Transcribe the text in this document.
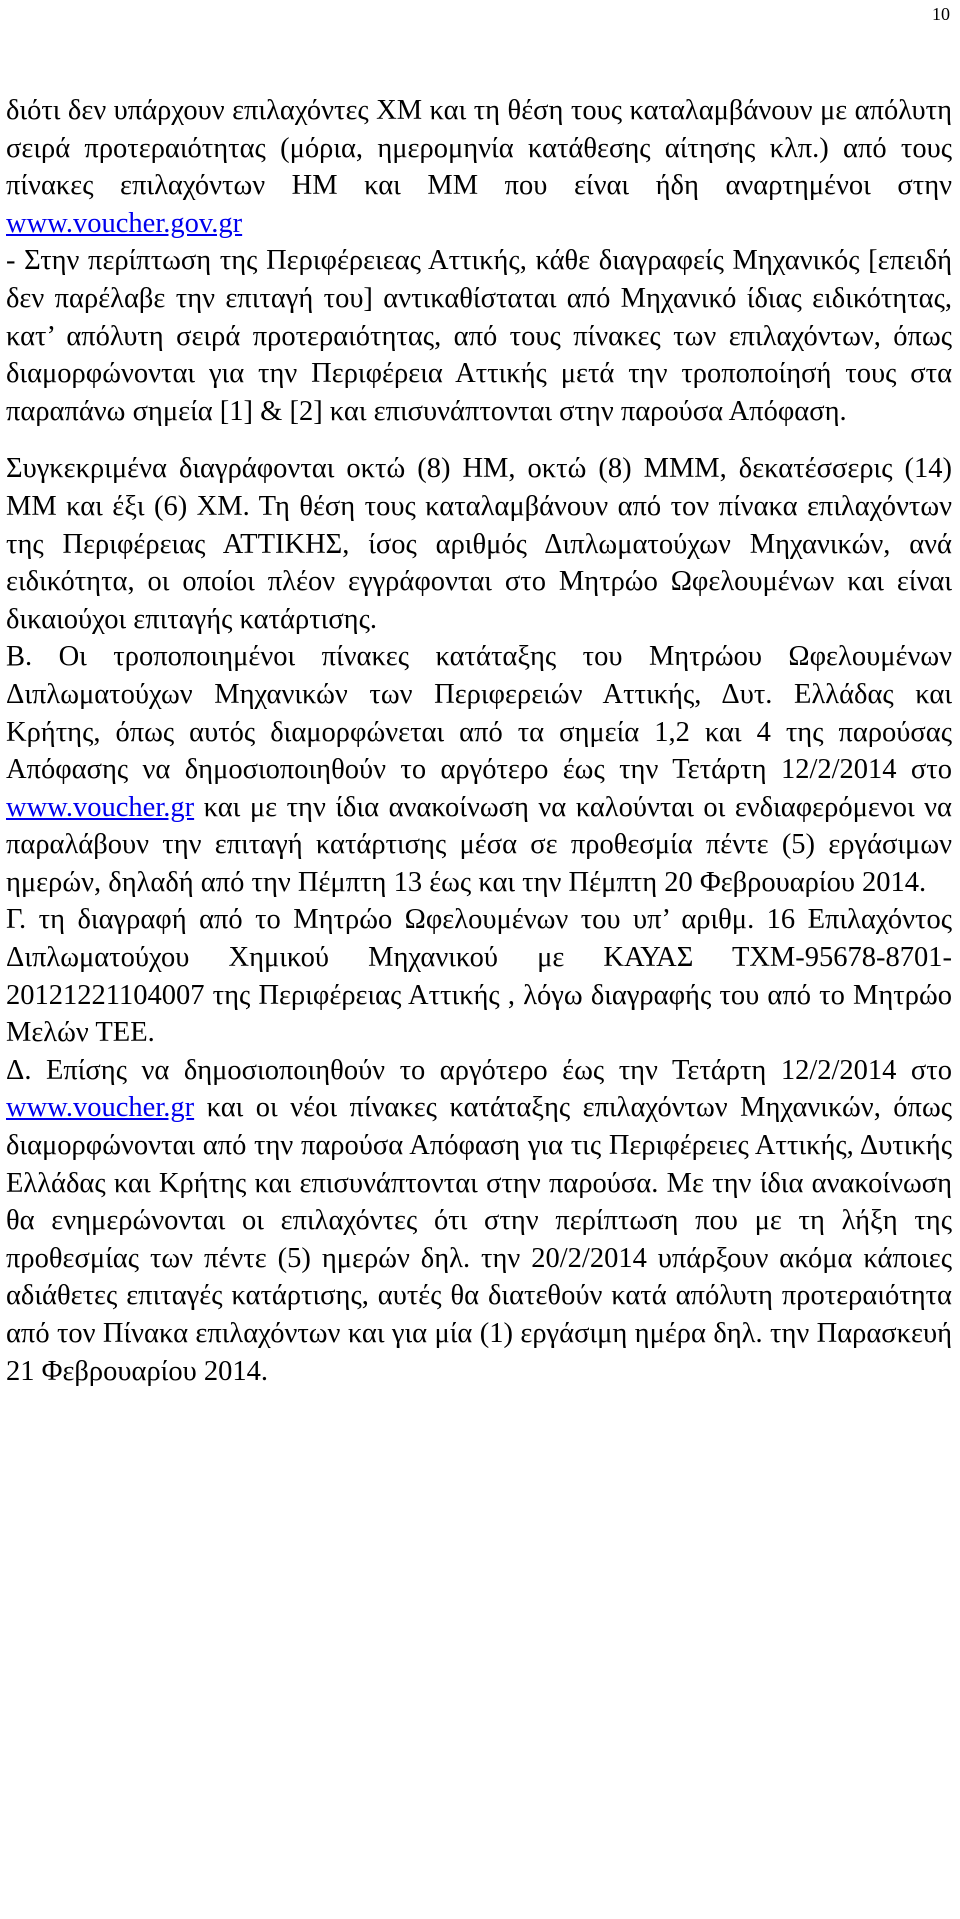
10

διότι δεν υπάρχουν επιλαχόντες ΧΜ και τη θέση τους καταλαμβάνουν με απόλυτη σειρά προτεραιότητας (μόρια, ημερομηνία κατάθεσης αίτησης κλπ.) από τους πίνακες επιλαχόντων ΗΜ και ΜΜ που είναι ήδη αναρτημένοι στην www.voucher.gov.gr

- Στην περίπτωση της Περιφέρειεας Αττικής, κάθε διαγραφείς Μηχανικός [επειδή δεν παρέλαβε την επιταγή του] αντικαθίσταται από Μηχανικό ίδιας ειδικότητας, κατ’ απόλυτη σειρά προτεραιότητας, από τους πίνακες των επιλαχόντων, όπως διαμορφώνονται για την Περιφέρεια Αττικής μετά την τροποποίησή τους στα παραπάνω σημεία [1] & [2] και επισυνάπτονται στην παρούσα Απόφαση.

Συγκεκριμένα διαγράφονται οκτώ (8) ΗΜ, οκτώ (8) ΜΜΜ, δεκατέσσερις (14) ΜΜ και έξι (6) ΧΜ. Τη θέση τους καταλαμβάνουν από τον πίνακα επιλαχόντων της Περιφέρειας ΑΤΤΙΚΗΣ, ίσος αριθμός Διπλωματούχων Μηχανικών, ανά ειδικότητα, οι οποίοι πλέον εγγράφονται στο Μητρώο Ωφελουμένων και είναι δικαιούχοι επιταγής κατάρτισης.

Β. Οι τροποποιημένοι πίνακες κατάταξης του Μητρώου Ωφελουμένων Διπλωματούχων Μηχανικών των Περιφερειών Αττικής, Δυτ. Ελλάδας και Κρήτης, όπως αυτός διαμορφώνεται από τα σημεία 1,2 και 4 της παρούσας Απόφασης να δημοσιοποιηθούν το αργότερο έως την Τετάρτη 12/2/2014 στο www.voucher.gr και με την ίδια ανακοίνωση να καλούνται οι ενδιαφερόμενοι να παραλάβουν την επιταγή κατάρτισης μέσα σε προθεσμία πέντε (5) εργάσιμων ημερών, δηλαδή από την Πέμπτη 13 έως και την Πέμπτη 20 Φεβρουαρίου 2014.

Γ. τη διαγραφή από το Μητρώο Ωφελουμένων του υπ’ αριθμ. 16 Επιλαχόντος Διπλωματούχου Χημικού Μηχανικού με ΚΑΥΑΣ ΤΧΜ-95678-8701-20121221104007 της Περιφέρειας Αττικής , λόγω διαγραφής του από το Μητρώο Μελών ΤΕΕ.

Δ. Επίσης να δημοσιοποιηθούν το αργότερο έως την Τετάρτη 12/2/2014 στο www.voucher.gr και οι νέοι πίνακες κατάταξης επιλαχόντων Μηχανικών, όπως διαμορφώνονται από την παρούσα Απόφαση για τις Περιφέρειες Αττικής, Δυτικής Ελλάδας και Κρήτης και επισυνάπτονται στην παρούσα. Με την ίδια ανακοίνωση θα ενημερώνονται οι επιλαχόντες ότι στην περίπτωση που με τη λήξη της προθεσμίας των πέντε (5) ημερών δηλ. την 20/2/2014 υπάρξουν ακόμα κάποιες αδιάθετες επιταγές κατάρτισης, αυτές θα διατεθούν κατά απόλυτη προτεραιότητα από τον Πίνακα επιλαχόντων και για μία (1) εργάσιμη ημέρα δηλ. την Παρασκευή 21 Φεβρουαρίου 2014.
